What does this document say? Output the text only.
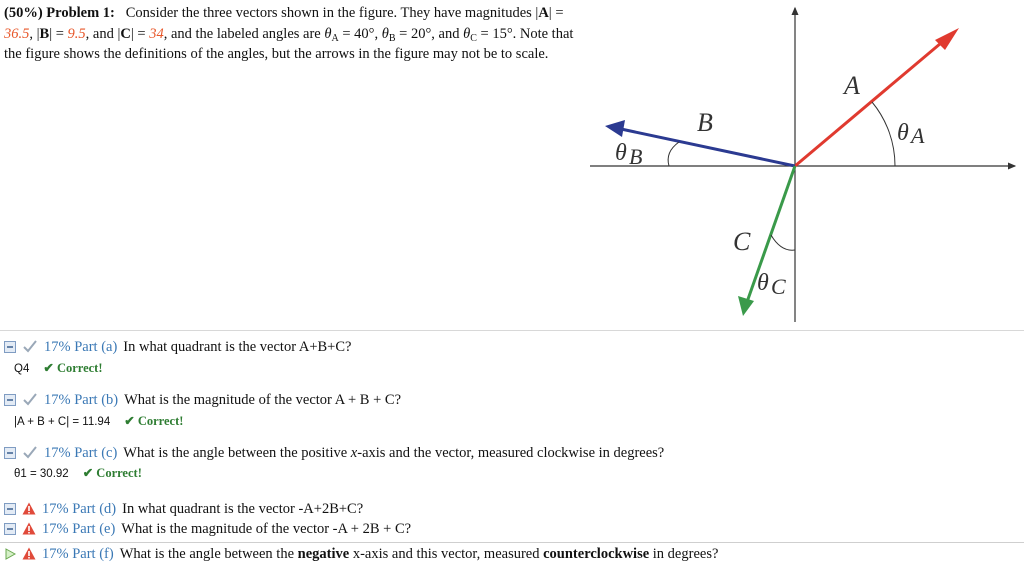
(50%) Problem 1:   Consider the three vectors shown in the figure. They have magnitudes |A| = 36.5, |B| = 9.5, and |C| = 34, and the labeled angles are $\theta_A = 40^\circ$, $\theta_B = 20^\circ$, and $\theta_C = 15^\circ$. Note that the figure shows the definitions of the angles, but the arrows in the figure may not be to scale.
A
B
C
θ A
θ B
θ C
17% Part (a) In what quadrant is the vector A+B+C?
Q4 ✔ Correct!
17% Part (b) What is the magnitude of the vector A + B + C?
|A + B + C| = 11.94 ✔ Correct!
17% Part (c) What is the angle between the positive x-axis and the vector, measured clockwise in degrees?
θ1 = 30.92 ✔ Correct!
17% Part (d) In what quadrant is the vector -A+2B+C?
17% Part (e) What is the magnitude of the vector -A + 2B + C?
17% Part (f) What is the angle between the negative x-axis and this vector, measured counterclockwise in degrees?
